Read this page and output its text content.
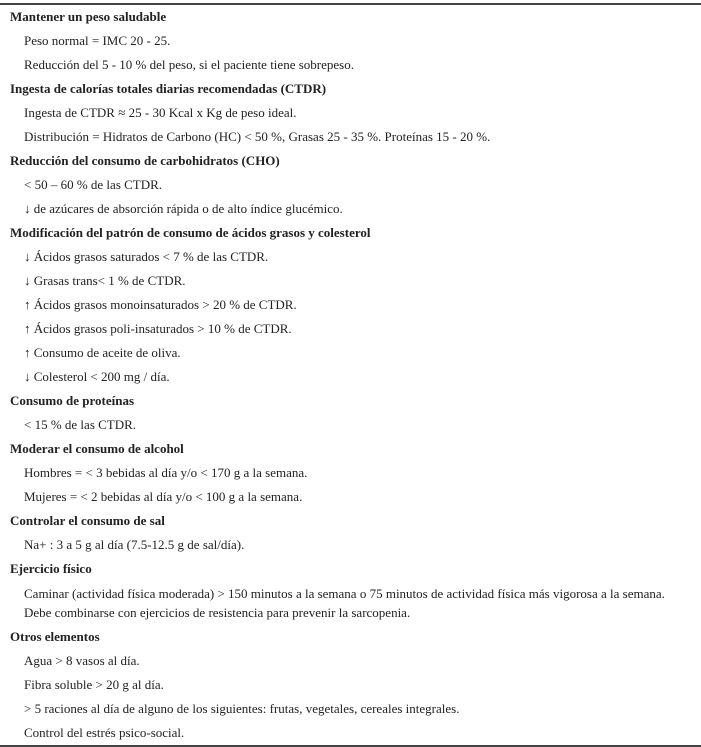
Mantener un peso saludable
Peso normal = IMC 20 - 25.
Reducción del 5 - 10 % del peso, si el paciente tiene sobrepeso.
Ingesta de calorías totales diarias recomendadas (CTDR)
Ingesta de CTDR ≈ 25 - 30 Kcal x Kg de peso ideal.
Distribución = Hidratos de Carbono (HC) < 50 %, Grasas 25 - 35 %. Proteínas 15 - 20 %.
Reducción del consumo de carbohidratos (CHO)
< 50 – 60 % de las CTDR.
↓ de azúcares de absorción rápida o de alto índice glucémico.
Modificación del patrón de consumo de ácidos grasos y colesterol
↓ Ácidos grasos saturados < 7 % de las CTDR.
↓ Grasas trans< 1 % de CTDR.
↑ Ácidos grasos monoinsaturados > 20 % de CTDR.
↑ Ácidos grasos poli-insaturados > 10 % de CTDR.
↑ Consumo de aceite de oliva.
↓ Colesterol < 200 mg / día.
Consumo de proteínas
< 15 % de las CTDR.
Moderar el consumo de alcohol
Hombres = < 3 bebidas al día y/o < 170 g a la semana.
Mujeres = < 2 bebidas al día y/o < 100 g a la semana.
Controlar el consumo de sal
Na+ : 3 a 5 g al día (7.5-12.5 g de sal/día).
Ejercicio físico
Caminar (actividad física moderada) > 150 minutos a la semana o 75 minutos de actividad física más vigorosa a la semana.
Debe combinarse con ejercicios de resistencia para prevenir la sarcopenia.
Otros elementos
Agua > 8 vasos al día.
Fibra soluble > 20 g al día.
> 5 raciones al día de alguno de los siguientes: frutas, vegetales, cereales integrales.
Control del estrés psico-social.
